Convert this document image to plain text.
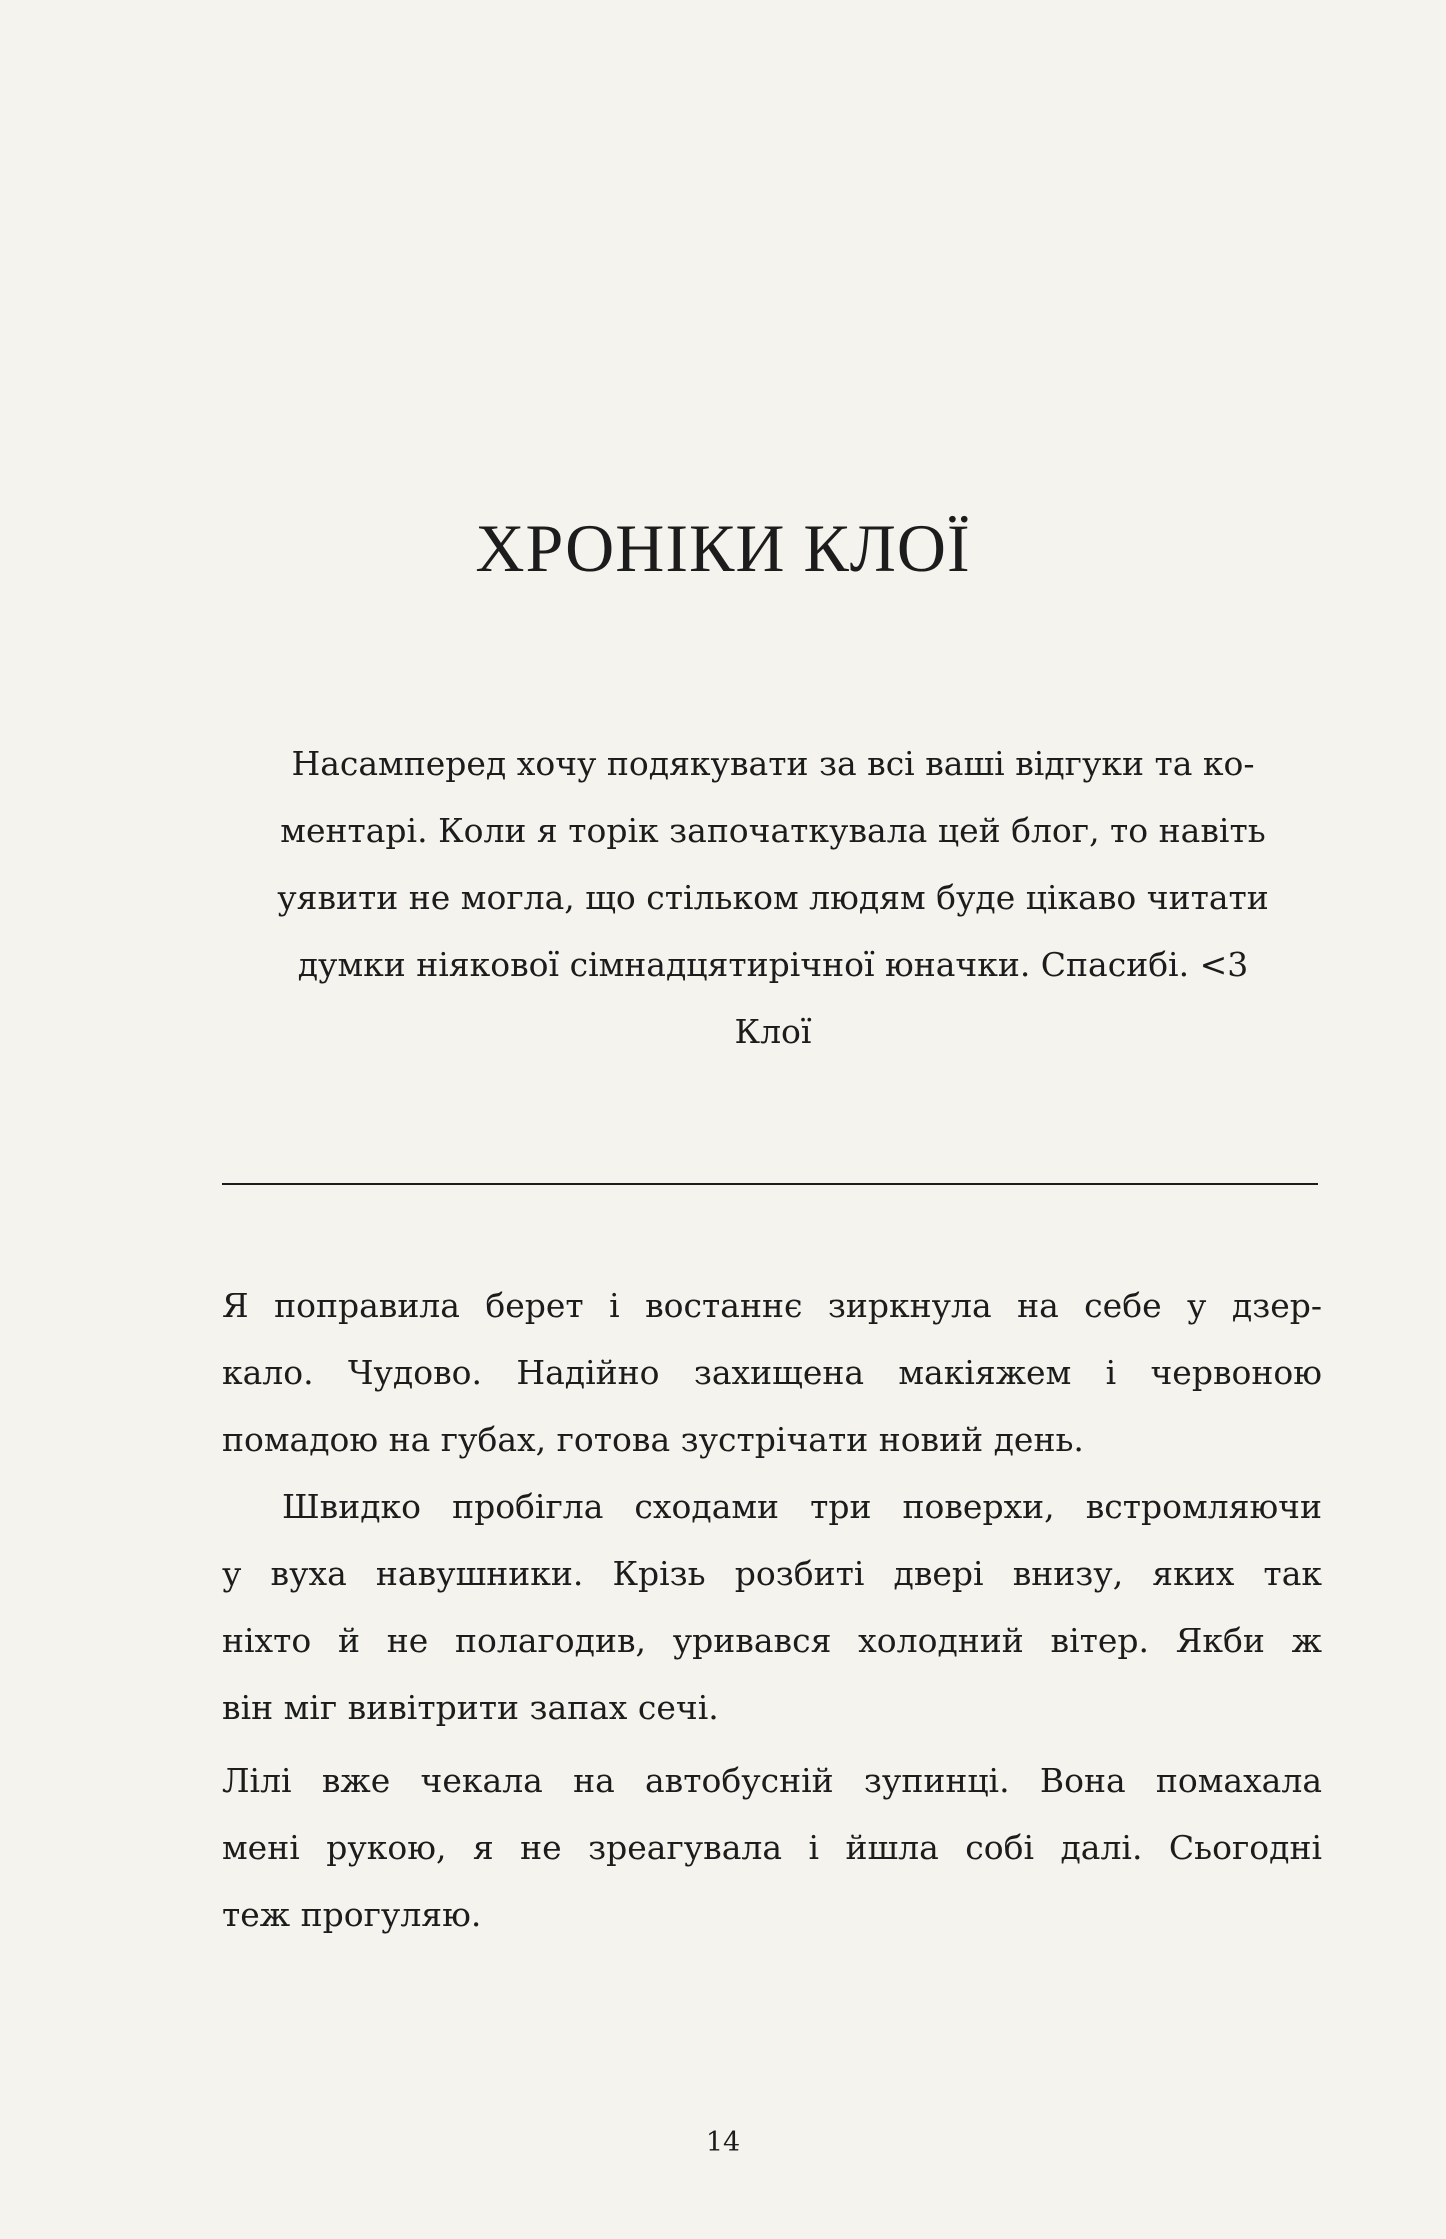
ХРОНІКИ КЛОЇ
Насамперед хочу подякувати за всі ваші відгуки та ко-
ментарі. Коли я торік започаткувала цей блог, то навіть
уявити не могла, що стільком людям буде цікаво читати
думки ніякової сімнадцятирічної юначки. Спасибі. <3
Клої
Я поправила берет і востаннє зиркнула на себе у дзер-
кало. Чудово. Надійно захищена макіяжем і червоною
помадою на губах, готова зустрічати новий день.
Швидко пробігла сходами три поверхи, встромляючи
у вуха навушники. Крізь розбиті двері внизу, яких так
ніхто й не полагодив, уривався холодний вітер. Якби ж
він міг вивітрити запах сечі.
Лілі вже чекала на автобусній зупинці. Вона помахала
мені рукою, я не зреагувала і йшла собі далі. Сьогодні
теж прогуляю.
14
